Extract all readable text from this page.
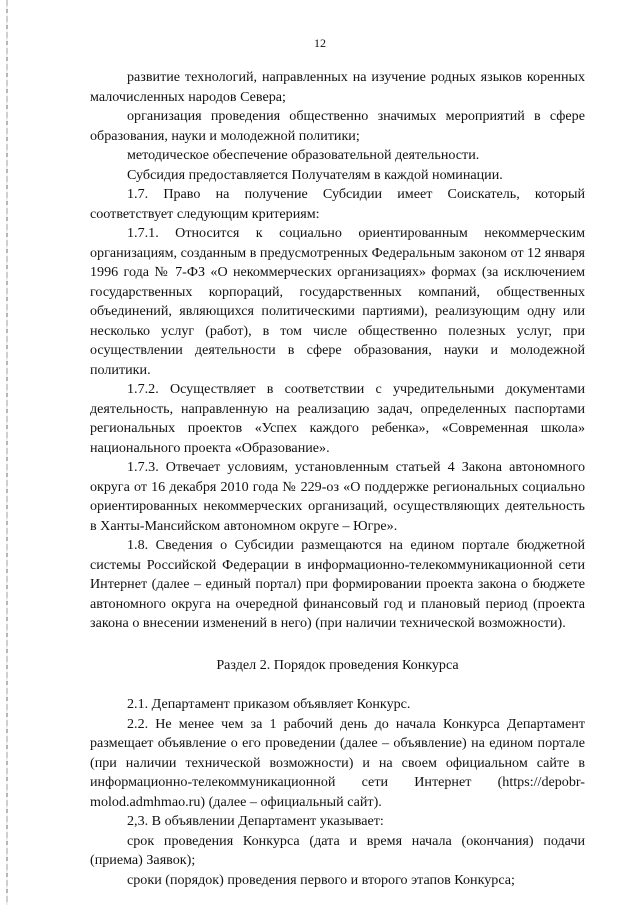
12

развитие технологий, направленных на изучение родных языков коренных малочисленных народов Севера;

организация проведения общественно значимых мероприятий в сфере образования, науки и молодежной политики;

методическое обеспечение образовательной деятельности.

Субсидия предоставляется Получателям в каждой номинации.

1.7. Право на получение Субсидии имеет Соискатель, который соответствует следующим критериям:

1.7.1. Относится к социально ориентированным некоммерческим организациям, созданным в предусмотренных Федеральным законом от 12 января 1996 года № 7-ФЗ «О некоммерческих организациях» формах (за исключением государственных корпораций, государственных компаний, общественных объединений, являющихся политическими партиями), реализующим одну или несколько услуг (работ), в том числе общественно полезных услуг, при осуществлении деятельности в сфере образования, науки и молодежной политики.

1.7.2. Осуществляет в соответствии с учредительными документами деятельность, направленную на реализацию задач, определенных паспортами региональных проектов «Успех каждого ребенка», «Современная школа» национального проекта «Образование».

1.7.3. Отвечает условиям, установленным статьей 4 Закона автономного округа от 16 декабря 2010 года № 229-оз «О поддержке региональных социально ориентированных некоммерческих организаций, осуществляющих деятельность в Ханты-Мансийском автономном округе – Югре».

1.8. Сведения о Субсидии размещаются на едином портале бюджетной системы Российской Федерации в информационно-телекоммуникационной сети Интернет (далее – единый портал) при формировании проекта закона о бюджете автономного округа на очередной финансовый год и плановый период (проекта закона о внесении изменений в него) (при наличии технической возможности).

Раздел 2. Порядок проведения Конкурса

2.1. Департамент приказом объявляет Конкурс.

2.2. Не менее чем за 1 рабочий день до начала Конкурса Департамент размещает объявление о его проведении (далее – объявление) на едином портале (при наличии технической возможности) и на своем официальном сайте в информационно-телекоммуникационной сети Интернет (https://depobr-molod.admhmao.ru) (далее – официальный сайт).

2,3. В объявлении Департамент указывает:

срок проведения Конкурса (дата и время начала (окончания) подачи (приема) Заявок);

сроки (порядок) проведения первого и второго этапов Конкурса;
